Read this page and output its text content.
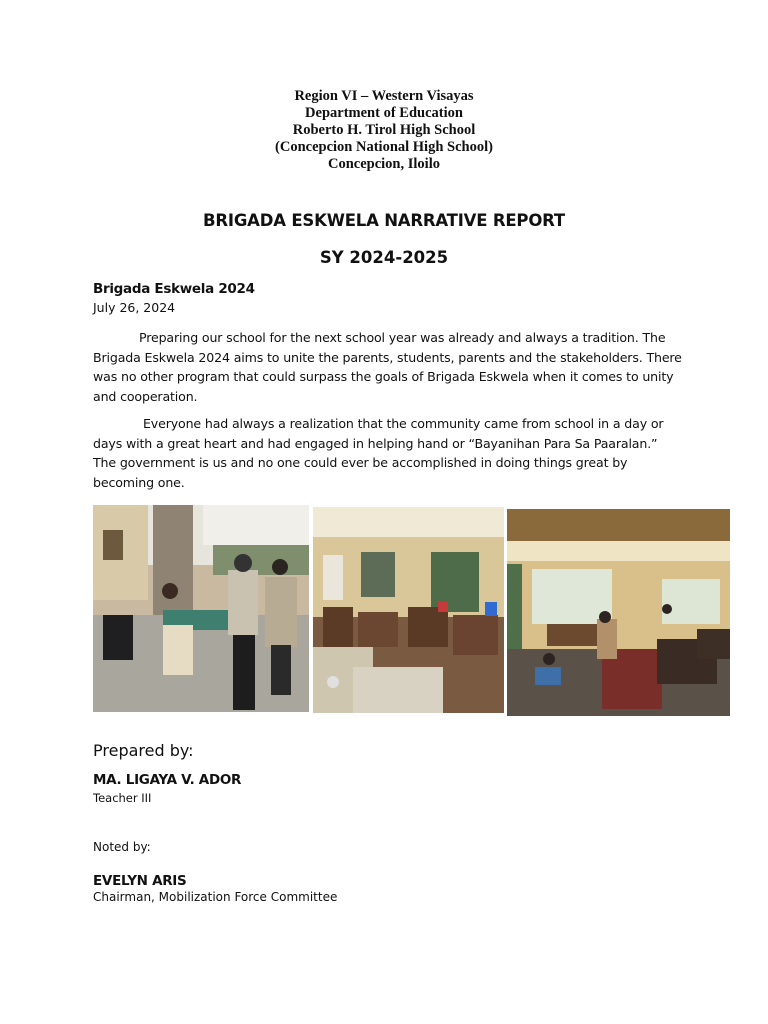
Region VI – Western Visayas
Department of Education
Roberto H. Tirol High School
(Concepcion National High School)
Concepcion, Iloilo
BRIGADA ESKWELA NARRATIVE REPORT
SY 2024-2025
Brigada Eskwela 2024
July 26, 2024

Preparing our school for the next school year was already and always a tradition. The Brigada Eskwela 2024 aims to unite the parents, students, parents and the stakeholders. There was no other program that could surpass the goals of Brigada Eskwela when it comes to unity and cooperation.

Everyone had always a realization that the community came from school in a day or days with a great heart and had engaged in helping hand or “Bayanihan Para Sa Paaralan.” The government is us and no one could ever be accomplished in doing things great by becoming one.

Prepared by:
MA. LIGAYA V. ADOR
Teacher III
Noted by:
EVELYN ARIS
Chairman, Mobilization Force Committee
